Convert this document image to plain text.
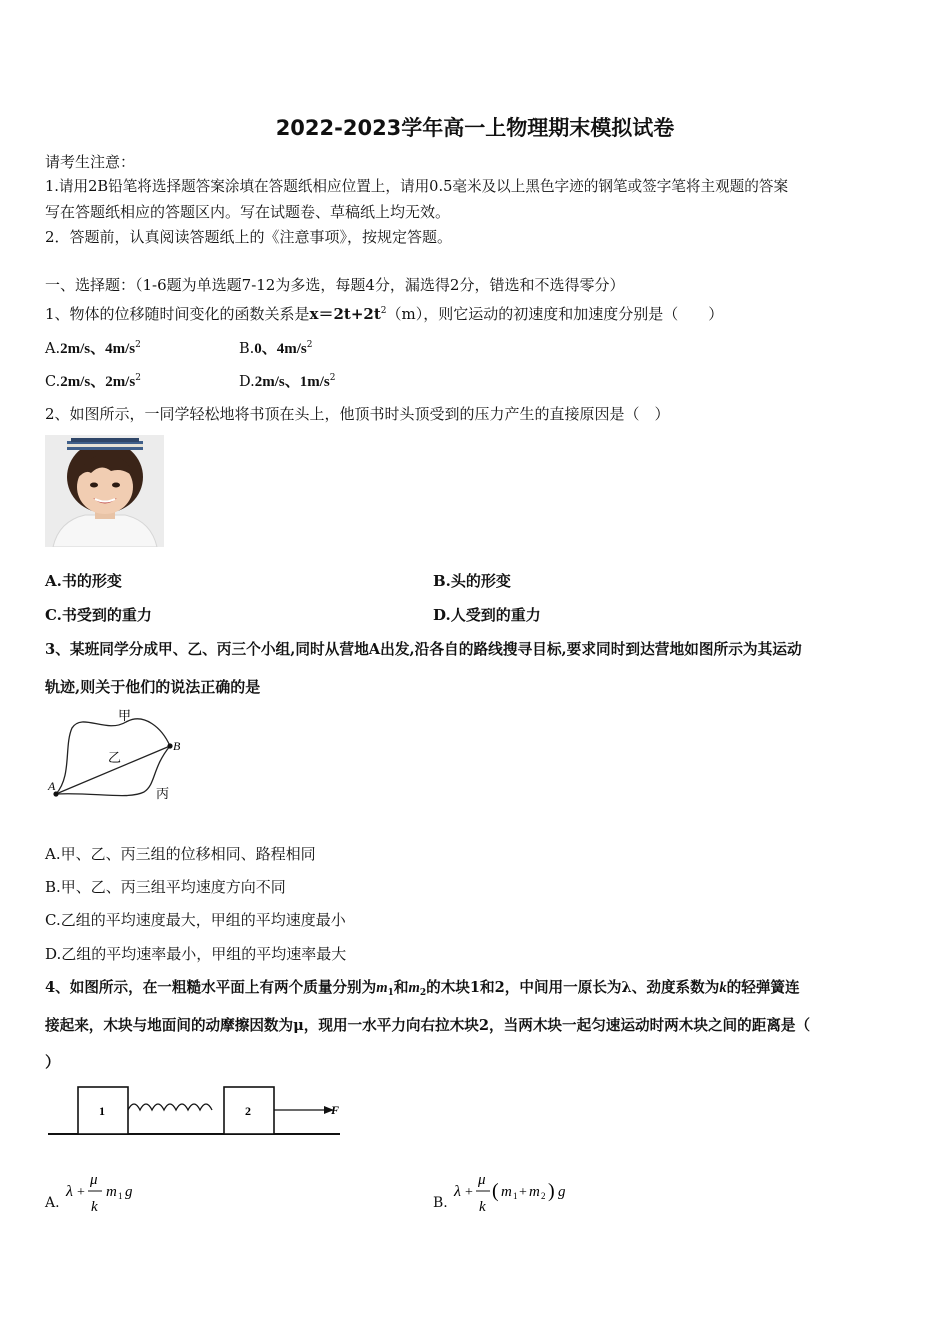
2022-2023学年高一上物理期末模拟试卷
请考生注意：
1.请用2B铅笔将选择题答案涂填在答题纸相应位置上，请用0.5毫米及以上黑色字迹的钢笔或签字笔将主观题的答案
写在答题纸相应的答题区内。写在试题卷、草稿纸上均无效。
2．答题前，认真阅读答题纸上的《注意事项》，按规定答题。
一、选择题：（1-6题为单选题7-12为多选，每题4分，漏选得2分，错选和不选得零分）
1、物体的位移随时间变化的函数关系是$x=2t+2t^2(m)$，则它运动的初速度和加速度分别是（　　）
A.2m/s、$4m/s^2$	B.0、$4m/s^2$
C.2m/s、$2m/s^2$	D.2m/s、$1m/s^2$
2、如图所示，一同学轻松地将书顶在头上，他顶书时头顶受到的压力产生的直接原因是（　）
A.书的形变	B.头的形变
C.书受到的重力	D.人受到的重力
3、某班同学分成甲、乙、丙三个小组,同时从营地A出发,沿各自的路线搜寻目标,要求同时到达营地如图所示为其运动
轨迹,则关于他们的说法正确的是
甲
乙
丙
A
B
A.甲、乙、丙三组的位移相同、路程相同
B.甲、乙、丙三组平均速度方向不同
C.乙组的平均速度最大，甲组的平均速度最小
D.乙组的平均速率最小，甲组的平均速率最大
4、如图所示，在一粗糙水平面上有两个质量分别为$m_1$和$m_2$的木块1和2，中间用一原长为λ、劲度系数为k的轻弹簧连
接起来，木块与地面间的动摩擦因数为μ，现用一水平力向右拉木块2，当两木块一起匀速运动时两木块之间的距离是（
）
1	2	F
A.
λ +
μ
k
m 1 g
B.
λ +
μ
k
( m 1 + m 2 ) g
